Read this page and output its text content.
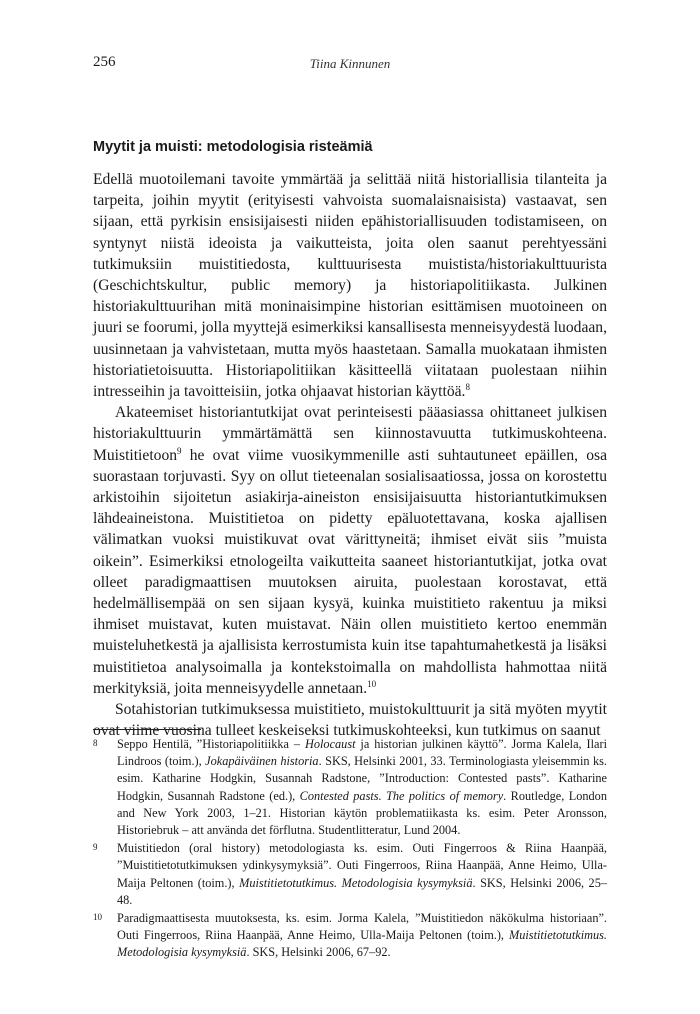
256	Tiina Kinnunen
Myytit ja muisti: metodologisia risteämiä

Edellä muotoilemani tavoite ymmärtää ja selittää niitä historiallisia tilanteita ja tarpeita, joihin myytit (erityisesti vahvoista suomalaisnaisista) vastaavat, sen sijaan, että pyrkisin ensisijaisesti niiden epähistoriallisuuden todistamiseen, on syntynyt niistä ideoista ja vaikutteista, joita olen saanut perehtyessäni tutkimuksiin muistitiedosta, kulttuurisesta muistista/historiakulttuurista (Geschichtskultur, public memory) ja historiapolitiikasta. Julkinen historiakulttuurihan mitä moninaisimpine historian esittämisen muotoineen on juuri se foorumi, jolla myyttejä esimerkiksi kansallisesta menneisyydestä luodaan, uusinnetaan ja vahvistetaan, mutta myös haastetaan. Samalla muokataan ihmisten historiatietoisuutta. Historiapolitiikan käsitteellä viitataan puolestaan niihin intresseihin ja tavoitteisiin, jotka ohjaavat historian käyttöä.$^8$

Akateemiset historiantutkijat ovat perinteisesti pääasiassa ohittaneet julkisen historiakulttuurin ymmärtämättä sen kiinnostavuutta tutkimuskohteena. Muistitietoon$^9$ he ovat viime vuosikymmenille asti suhtautuneet epäillen, osa suorastaan torjuvasti. Syy on ollut tieteenalan sosialisaatiossa, jossa on korostettu arkistoihin sijoitetun asiakirja-aineiston ensisijaisuutta historiantutkimuksen lähdeaineistona. Muistitietoa on pidetty epäluotettavana, koska ajallisen välimatkan vuoksi muistikuvat ovat värittyneitä; ihmiset eivät siis ”muista oikein”. Esimerkiksi etnologeilta vaikutteita saaneet historiantutkijat, jotka ovat olleet paradigmaattisen muutoksen airuita, puolestaan korostavat, että hedelmällisempää on sen sijaan kysyä, kuinka muistitieto rakentuu ja miksi ihmiset muistavat, kuten muistavat. Näin ollen muistitieto kertoo enemmän muisteluhetkestä ja ajallisista kerrostumista kuin itse tapahtumahetkestä ja lisäksi muistitietoa analysoimalla ja kontekstoimalla on mahdollista hahmottaa niitä merkityksiä, joita menneisyydelle annetaan.$^{10}$

Sotahistorian tutkimuksessa muistitieto, muistokulttuurit ja sitä myöten myytit ovat viime vuosina tulleet keskeiseksi tutkimuskohteeksi, kun tutkimus on saanut

8	Seppo Hentilä, ”Historiapolitiikka – Holocaust ja historian julkinen käyttö”. Jorma Kalela, Ilari Lindroos (toim.), Jokapäiväinen historia. SKS, Helsinki 2001, 33. Terminologiasta yleisemmin ks. esim. Katharine Hodgkin, Susannah Radstone, ”Introduction: Contested pasts”. Katharine Hodgkin, Susannah Radstone (ed.), Contested pasts. The politics of memory. Routledge, London and New York 2003, 1–21. Historian käytön problematiikasta ks. esim. Peter Aronsson, Historiebruk – att använda det förflutna. Studentlitteratur, Lund 2004.
9	Muistitiedon (oral history) metodologiasta ks. esim. Outi Fingerroos & Riina Haanpää, ”Muistitietotutkimuksen ydinkysymyksiä”. Outi Fingerroos, Riina Haanpää, Anne Heimo, Ulla-Maija Peltonen (toim.), Muistitietotutkimus. Metodologisia kysymyksiä. SKS, Helsinki 2006, 25–48.
10	Paradigmaattisesta muutoksesta, ks. esim. Jorma Kalela, ”Muistitiedon näkökulma historiaan”. Outi Fingerroos, Riina Haanpää, Anne Heimo, Ulla-Maija Peltonen (toim.), Muistitietotutkimus. Metodologisia kysymyksiä. SKS, Helsinki 2006, 67–92.
